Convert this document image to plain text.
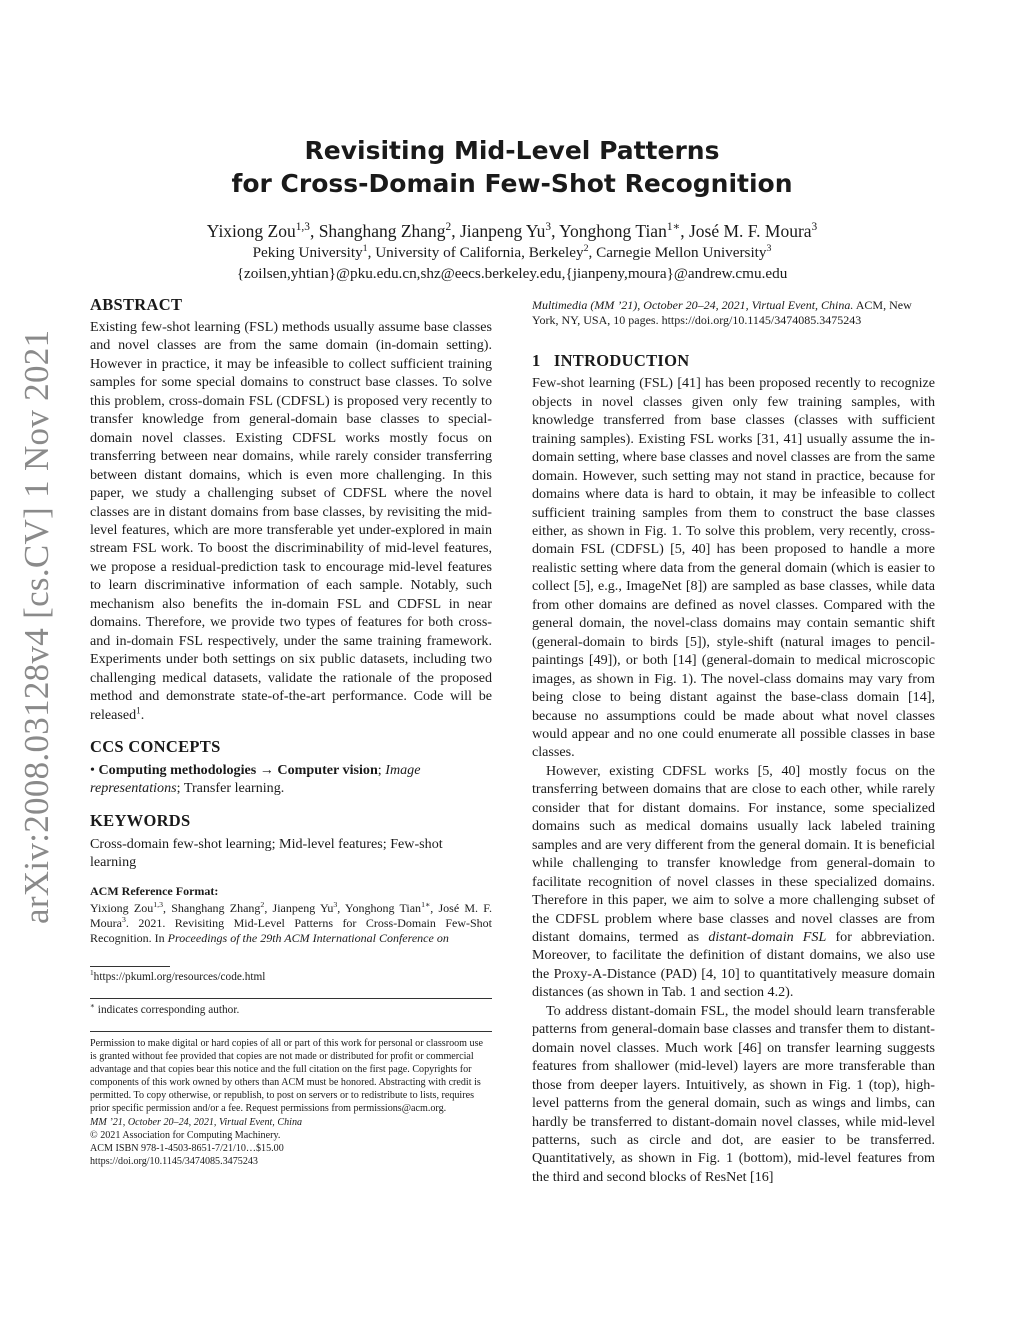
arXiv:2008.03128v4 [cs.CV] 1 Nov 2021
Revisiting Mid-Level Patterns
for Cross-Domain Few-Shot Recognition
Yixiong Zou$^{1,3}$, Shanghang Zhang$^2$, Jianpeng Yu$^3$, Yonghong Tian$^{1∗}$, José M. F. Moura$^3$
Peking University$^1$, University of California, Berkeley$^2$, Carnegie Mellon University$^3$
{zoilsen,yhtian}@pku.edu.cn,shz@eecs.berkeley.edu,{jianpeny,moura}@andrew.cmu.edu
ABSTRACT

Existing few-shot learning (FSL) methods usually assume base classes and novel classes are from the same domain (in-domain setting). However in practice, it may be infeasible to collect sufficient training samples for some special domains to construct base classes. To solve this problem, cross-domain FSL (CDFSL) is proposed very recently to transfer knowledge from general-domain base classes to special-domain novel classes. Existing CDFSL works mostly focus on transferring between near domains, while rarely consider transferring between distant domains, which is even more challenging. In this paper, we study a challenging subset of CDFSL where the novel classes are in distant domains from base classes, by revisiting the mid-level features, which are more transferable yet under-explored in main stream FSL work. To boost the discriminability of mid-level features, we propose a residual-prediction task to encourage mid-level features to learn discriminative information of each sample. Notably, such mechanism also benefits the in-domain FSL and CDFSL in near domains. Therefore, we provide two types of features for both cross- and in-domain FSL respectively, under the same training framework. Experiments under both settings on six public datasets, including two challenging medical datasets, validate the rationale of the proposed method and demonstrate state-of-the-art performance. Code will be released$^1$.

CCS CONCEPTS

• Computing methodologies → Computer vision; Image representations; Transfer learning.

KEYWORDS

Cross-domain few-shot learning; Mid-level features; Few-shot learning

ACM Reference Format:

Yixiong Zou$^{1,3}$, Shanghang Zhang$^2$, Jianpeng Yu$^3$, Yonghong Tian$^{1∗}$, José M. F. Moura$^3$. 2021. Revisiting Mid-Level Patterns for Cross-Domain Few-Shot Recognition. In Proceedings of the 29th ACM International Conference on

$^1$https://pkuml.org/resources/code.html
∗ indicates corresponding author.
Permission to make digital or hard copies of all or part of this work for personal or classroom use is granted without fee provided that copies are not made or distributed for profit or commercial advantage and that copies bear this notice and the full citation on the first page. Copyrights for components of this work owned by others than ACM must be honored. Abstracting with credit is permitted. To copy otherwise, or republish, to post on servers or to redistribute to lists, requires prior specific permission and/or a fee. Request permissions from permissions@acm.org.
MM ’21, October 20–24, 2021, Virtual Event, China
© 2021 Association for Computing Machinery.
ACM ISBN 978-1-4503-8651-7/21/10…$15.00
https://doi.org/10.1145/3474085.3475243

Multimedia (MM ’21), October 20–24, 2021, Virtual Event, China. ACM, New York, NY, USA, 10 pages. https://doi.org/10.1145/3474085.3475243

1 INTRODUCTION

Few-shot learning (FSL) [41] has been proposed recently to recognize objects in novel classes given only few training samples, with knowledge transferred from base classes (classes with sufficient training samples). Existing FSL works [31, 41] usually assume the in-domain setting, where base classes and novel classes are from the same domain. However, such setting may not stand in practice, because for domains where data is hard to obtain, it may be infeasible to collect sufficient training samples from them to construct the base classes either, as shown in Fig. 1. To solve this problem, very recently, cross-domain FSL (CDFSL) [5, 40] has been proposed to handle a more realistic setting where data from the general domain (which is easier to collect [5], e.g., ImageNet [8]) are sampled as base classes, while data from other domains are defined as novel classes. Compared with the general domain, the novel-class domains may contain semantic shift (general-domain to birds [5]), style-shift (natural images to pencil-paintings [49]), or both [14] (general-domain to medical microscopic images, as shown in Fig. 1). The novel-class domains may vary from being close to being distant against the base-class domain [14], because no assumptions could be made about what novel classes would appear and no one could enumerate all possible classes in base classes.

However, existing CDFSL works [5, 40] mostly focus on the transferring between domains that are close to each other, while rarely consider that for distant domains. For instance, some specialized domains such as medical domains usually lack labeled training samples and are very different from the general domain. It is beneficial while challenging to transfer knowledge from general-domain to facilitate recognition of novel classes in these specialized domains. Therefore in this paper, we aim to solve a more challenging subset of the CDFSL problem where base classes and novel classes are from distant domains, termed as distant-domain FSL for abbreviation. Moreover, to facilitate the definition of distant domains, we also use the Proxy-A-Distance (PAD) [4, 10] to quantitatively measure domain distances (as shown in Tab. 1 and section 4.2).

To address distant-domain FSL, the model should learn transferable patterns from general-domain base classes and transfer them to distant-domain novel classes. Much work [46] on transfer learning suggests features from shallower (mid-level) layers are more transferable than those from deeper layers. Intuitively, as shown in Fig. 1 (top), high-level patterns from the general domain, such as wings and limbs, can hardly be transferred to distant-domain novel classes, while mid-level patterns, such as circle and dot, are easier to be transferred. Quantitatively, as shown in Fig. 1 (bottom), mid-level features from the third and second blocks of ResNet [16]
